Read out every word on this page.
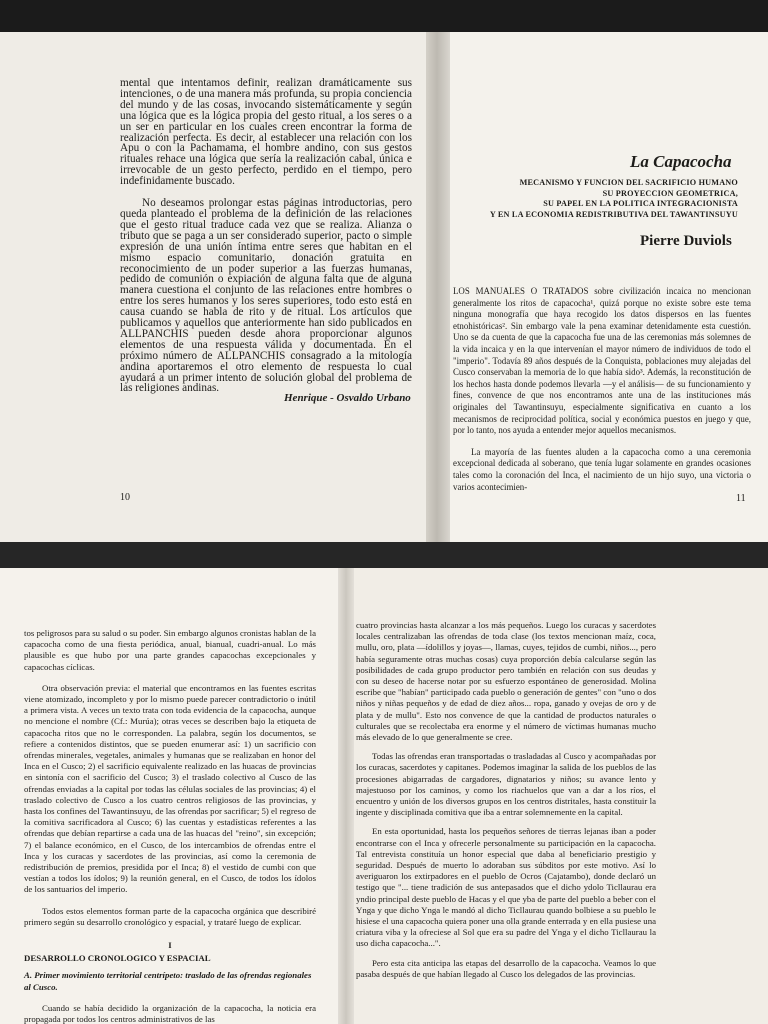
mental que intentamos definir, realizan dramáticamente sus intenciones, o de una manera más profunda, su propia conciencia del mundo y de las cosas, invocando sistemáticamente y según una lógica que es la lógica propia del gesto ritual, a los seres o a un ser en particular en los cuales creen encontrar la forma de realización perfecta. Es decir, al establecer una relación con los Apu o con la Pachamama, el hombre andino, con sus gestos rituales rehace una lógica que sería la realización cabal, única e irrevocable de un gesto perfecto, perdido en el tiempo, pero indefinidamente buscado.

No deseamos prolongar estas páginas introductorias, pero queda planteado el problema de la definición de las relaciones que el gesto ritual traduce cada vez que se realiza. Alianza o tributo que se paga a un ser considerado superior, pacto o simple expresión de una unión íntima entre seres que habitan en el mismo espacio comunitario, donación gratuita en reconocimiento de un poder superior a las fuerzas humanas, pedido de comunión o expiación de alguna falta que de alguna manera cuestiona el conjunto de las relaciones entre hombres o entre los seres humanos y los seres superiores, todo esto está en causa cuando se habla de rito y de ritual. Los artículos que publicamos y aquellos que anteriormente han sido publicados en ALLPANCHIS pueden desde ahora proporcionar algunos elementos de una respuesta válida y documentada. En el próximo número de ALLPANCHIS consagrado a la mitología andina aportaremos el otro elemento de respuesta lo cual ayudará a un primer intento de solución global del problema de las religiones andinas.

Henrique - Osvaldo Urbano
10
La Capacocha
MECANISMO Y FUNCION DEL SACRIFICIO HUMANO
SU PROYECCION GEOMETRICA,
SU PAPEL EN LA POLITICA INTEGRACIONISTA
Y EN LA ECONOMIA REDISTRIBUTIVA DEL TAWANTINSUYU
Pierre Duviols

LOS MANUALES O TRATADOS sobre civilización incaica no mencionan generalmente los ritos de capacocha¹, quizá porque no existe sobre este tema ninguna monografía que haya recogido los datos dispersos en las fuentes etnohistóricas². Sin embargo vale la pena examinar detenidamente esta cuestión. Uno se da cuenta de que la capacocha fue una de las ceremonias más solemnes de la vida incaica y en la que intervenían el mayor número de individuos de todo el "imperio". Todavía 89 años después de la Conquista, poblaciones muy alejadas del Cusco conservaban la memoria de lo que había sido³. Además, la reconstitución de los hechos hasta donde podemos llevarla —y el análisis— de su funcionamiento y fines, convence de que nos encontramos ante una de las instituciones más originales del Tawantinsuyu, especialmente significativa en cuanto a los mecanismos de reciprocidad política, social y económica puestos en juego y que, por lo tanto, nos ayuda a entender mejor aquellos mecanismos.

La mayoría de las fuentes aluden a la capacocha como a una ceremonia excepcional dedicada al soberano, que tenía lugar solamente en grandes ocasiones tales como la coronación del Inca, el nacimiento de un hijo suyo, una victoria o varios acontecimien-

11

tos peligrosos para su salud o su poder. Sin embargo algunos cronistas hablan de la capacocha como de una fiesta periódica, anual, bianual, cuadri-anual. Lo más plausible es que hubo por una parte grandes capacochas excepcionales y capacochas cíclicas.

Otra observación previa: el material que encontramos en las fuentes escritas viene atomizado, incompleto y por lo mismo puede parecer contradictorio o inútil a primera vista. A veces un texto trata con toda evidencia de la capacocha, aunque no mencione el nombre (Cf.: Murúa); otras veces se describen bajo la etiqueta de capacocha ritos que no le corresponden. La palabra, según los documentos, se refiere a contenidos distintos, que se pueden enumerar así: 1) un sacrificio con ofrendas minerales, vegetales, animales y humanas que se realizaban en honor del Inca en el Cusco; 2) el sacrificio equivalente realizado en las huacas de provincias en sintonía con el sacrificio del Cusco; 3) el traslado colectivo al Cusco de las ofrendas enviadas a la capital por todas las células sociales de las provincias; 4) el traslado colectivo de Cusco a los cuatro centros religiosos de las provincias, y hasta los confines del Tawantinsuyu, de las ofrendas por sacrificar; 5) el regreso de la comitiva sacrificadora al Cusco; 6) las cuentas y estadísticas referentes a las ofrendas que debían repartirse a cada una de las huacas del "reino", sin excepción; 7) el balance económico, en el Cusco, de los intercambios de ofrendas entre el Inca y los curacas y sacerdotes de las provincias, así como la ceremonia de redistribución de premios, presidida por el Inca; 8) el vestido de cumbi con que vestían a todos los ídolos; 9) la reunión general, en el Cusco, de todos los ídolos de los santuarios del imperio.

Todos estos elementos forman parte de la capacocha orgánica que describiré primero según su desarrollo cronológico y espacial, y trataré luego de explicar.

I

DESARROLLO CRONOLOGICO Y ESPACIAL

A. Primer movimiento territorial centrípeto: traslado de las ofrendas regionales al Cusco.

Cuando se había decidido la organización de la capacocha, la noticia era propagada por todos los centros administrativos de las

cuatro provincias hasta alcanzar a los más pequeños. Luego los curacas y sacerdotes locales centralizaban las ofrendas de toda clase (los textos mencionan maíz, coca, mullu, oro, plata —ídolillos y joyas—, llamas, cuyes, tejidos de cumbi, niños..., pero había seguramente otras muchas cosas) cuya proporción debía calcularse según las posibilidades de cada grupo productor pero también en relación con sus deudas y con su deseo de hacerse notar por su esfuerzo espontáneo de generosidad. Molina escribe que "habían" participado cada pueblo o generación de gentes" con "uno o dos niños y niñas pequeños y de edad de diez años... ropa, ganado y ovejas de oro y de plata y de mullu". Esto nos convence de que la cantidad de productos naturales o culturales que se recolectaba era enorme y el número de víctimas humanas mucho más elevado de lo que generalmente se cree.

Todas las ofrendas eran transportadas o trasladadas al Cusco y acompañadas por los curacas, sacerdotes y capitanes. Podemos imaginar la salida de los pueblos de las procesiones abigarradas de cargadores, dignatarios y niños; su avance lento y majestuoso por los caminos, y como los riachuelos que van a dar a los ríos, el encuentro y unión de los diversos grupos en los centros distritales, hasta constituir la ingente y disciplinada comitiva que iba a entrar solemnemente en la capital.

En esta oportunidad, hasta los pequeños señores de tierras lejanas iban a poder encontrarse con el Inca y ofrecerle personalmente su participación en la capacocha. Tal entrevista constituía un honor especial que daba al beneficiario prestigio y seguridad. Después de muerto lo adoraban sus súbditos por este motivo. Así lo averiguaron los extirpadores en el pueblo de Ocros (Cajatambo), donde declaró un testigo que "... tiene tradición de sus antepasados que el dicho ydolo Ticllaurau era yndio principal deste pueblo de Hacas y el que yba de parte del pueblo a beber con el Ynga y que dicho Ynga le mandó al dicho Ticllaurau quando bolbiese a su pueblo le hisiese el una capacocha quiera poner una olla grande enterrada y en ella pusiese una criatura viba y la ofreciese al Sol que era su padre del Ynga y el dicho Ticllaurau la uso dicha capacocha...".

Pero esta cita anticipa las etapas del desarrollo de la capacocha. Veamos lo que pasaba después de que habían llegado al Cusco los delegados de las provincias.
